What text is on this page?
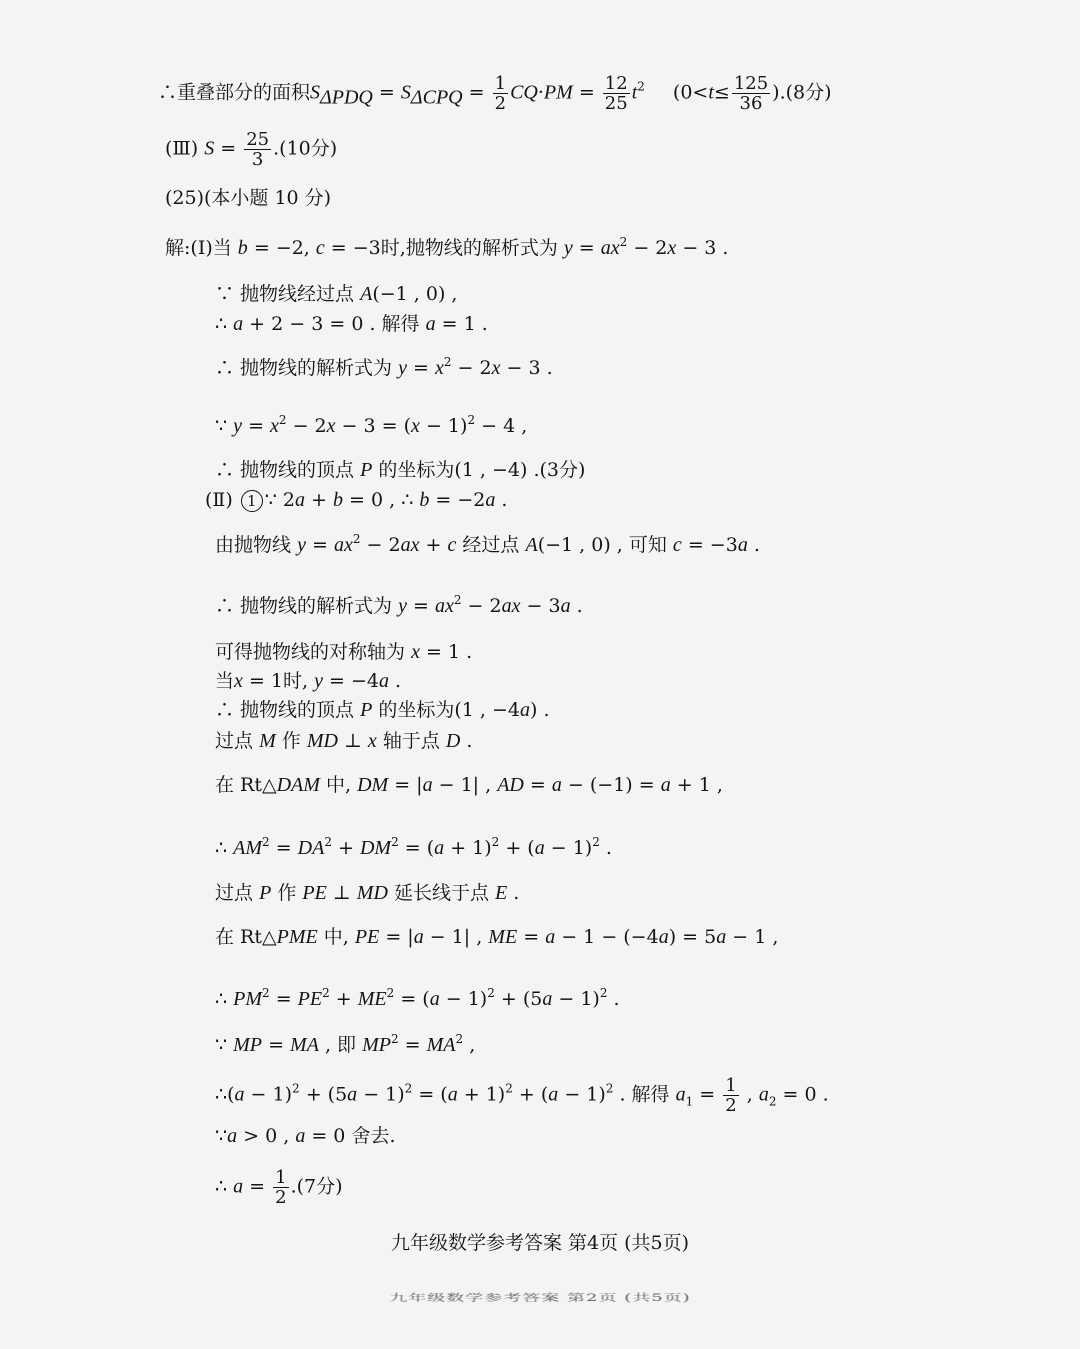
∴重叠部分的面积$S_{\Delta PDQ} = S_{\Delta CPQ} = \frac{1}{2} CQ\cdot PM = \frac{12}{25} t^2$ $(0<t\le \frac{125}{36} ).(8$分)
(Ⅲ) $S = \frac{25}{3} .(10$分)
(25)(本小题 10 分)
解:(Ⅰ)当 b = −2, c = −3时,抛物线的解析式为 $y = ax^2 - 2x - 3$ .
∵ 抛物线经过点 A(−1 , 0) ,
∴ a + 2 − 3 = 0 . 解得 a = 1 .
∴ 抛物线的解析式为 $y = x^2 - 2x - 3$ .
∵ $y = x^2 - 2x - 3 = (x - 1)^2 - 4$ ,
∴ 抛物线的顶点 P 的坐标为(1 , −4) .(3分)
(Ⅱ) 1 ∵ 2a + b = 0 , ∴ b = −2a .
由抛物线 $y = ax^2 - 2ax + c$ 经过点 A(−1 , 0) , 可知 c = −3a .
∴ 抛物线的解析式为 $y = ax^2 - 2ax - 3a$ .
可得抛物线的对称轴为 x = 1 .
当x = 1时, y = −4a .
∴ 抛物线的顶点 P 的坐标为(1 , −4a) .
过点 M 作 MD ⊥ x 轴于点 D .
在 Rt△DAM 中, DM = |a − 1| , AD = a − (−1) = a + 1 ,
∴ $AM^2 = DA^2 + DM^2 = (a + 1)^2 + (a - 1)^2$ .
过点 P 作 PE ⊥ MD 延长线于点 E .
在 Rt△PME 中, PE = |a − 1| , ME = a − 1 − (−4a) = 5a − 1 ,
∴ $PM^2 = PE^2 + ME^2 = (a - 1)^2 + (5a - 1)^2$ .
∵ MP = MA , 即 $MP^2 = MA^2$ ,
∴(a − $1)^2 + (5a - 1)^2 = (a + 1)^2 + (a - 1)^2$ . 解得 $a_1 = \frac{1}{2}$ , $a_2 = 0$ .
∵a > 0 , a = 0 舍去.
∴ $a = \frac{1}{2} .(7$分)
九年级数学参考答案 第4页 (共5页)
九年级数学参考答案 第2页 (共5页)
